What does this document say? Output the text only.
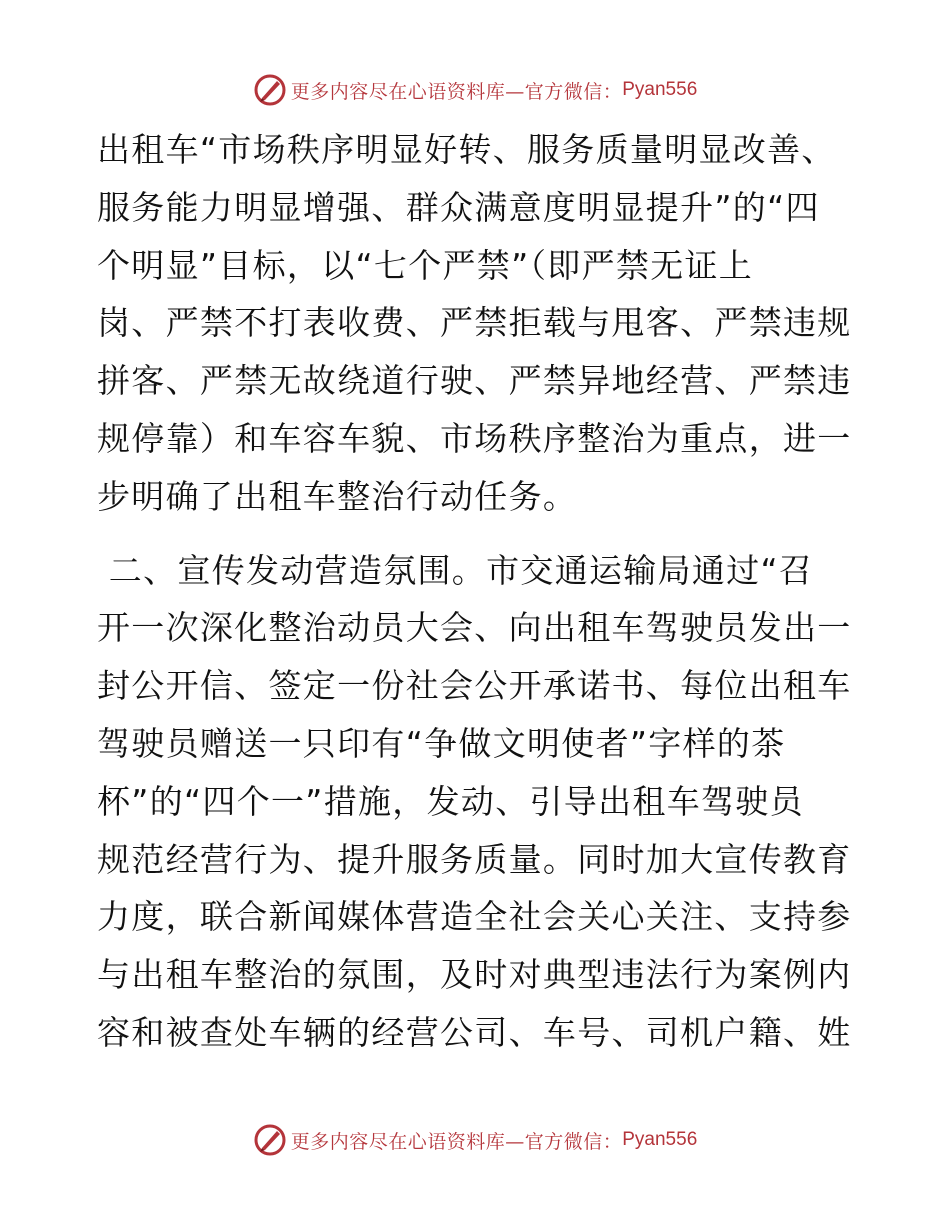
更多内容尽在心语资料库—官方微信： Pyan556
出租车“市场秩序明显好转、服务质量明显改善、
服务能力明显增强、群众满意度明显提升”的“四
个明显”目标，以“七个严禁”（即严禁无证上
岗、严禁不打表收费、严禁拒载与甩客、严禁违规
拼客、严禁无故绕道行驶、严禁异地经营、严禁违
规停靠）和车容车貌、市场秩序整治为重点，进一
步明确了出租车整治行动任务。
二、宣传发动营造氛围。市交通运输局通过“召
开一次深化整治动员大会、向出租车驾驶员发出一
封公开信、签定一份社会公开承诺书、每位出租车
驾驶员赠送一只印有“争做文明使者”字样的茶
杯”的“四个一”措施，发动、引导出租车驾驶员
规范经营行为、提升服务质量。同时加大宣传教育
力度，联合新闻媒体营造全社会关心关注、支持参
与出租车整治的氛围，及时对典型违法行为案例内
容和被查处车辆的经营公司、车号、司机户籍、姓
更多内容尽在心语资料库—官方微信： Pyan556
